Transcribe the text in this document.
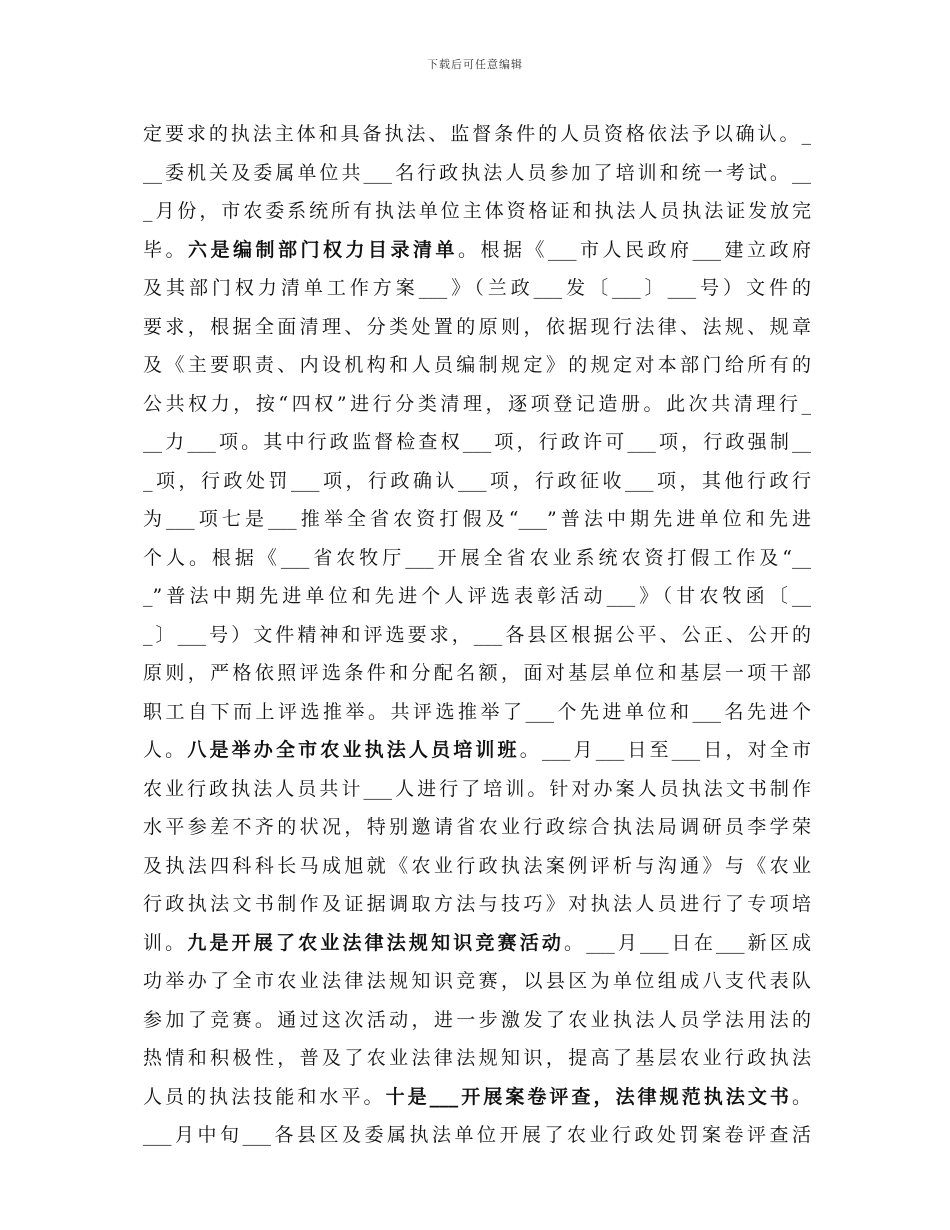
下载后可任意编辑
定要求的执法主体和具备执法、监督条件的人员资格依法予以确认。_
__委机关及委属单位共___名行政执法人员参加了培训和统一考试。__
_月份，市农委系统所有执法单位主体资格证和执法人员执法证发放完
毕。六是编制部门权力目录清单。根据《___市人民政府___建立政府
及其部门权力清单工作方案___》（兰政___发〔___〕___号）文件的
要求，根据全面清理、分类处置的原则，依据现行法律、法规、规章
及《主要职责、内设机构和人员编制规定》的规定对本部门给所有的
公共权力，按“四权”进行分类清理，逐项登记造册。此次共清理行_
__力___项。其中行政监督检查权___项，行政许可___项，行政强制__
_项，行政处罚___项，行政确认___项，行政征收___项，其他行政行
为___项七是___推举全省农资打假及“___”普法中期先进单位和先进
个人。根据《___省农牧厅___开展全省农业系统农资打假工作及“__
_”普法中期先进单位和先进个人评选表彰活动___》（甘农牧函〔__
_〕___号）文件精神和评选要求，___各县区根据公平、公正、公开的
原则，严格依照评选条件和分配名额，面对基层单位和基层一项干部
职工自下而上评选推举。共评选推举了___个先进单位和___名先进个
人。八是举办全市农业执法人员培训班。___月___日至___日，对全市
农业行政执法人员共计___人进行了培训。针对办案人员执法文书制作
水平参差不齐的状况，特别邀请省农业行政综合执法局调研员李学荣
及执法四科科长马成旭就《农业行政执法案例评析与沟通》与《农业
行政执法文书制作及证据调取方法与技巧》对执法人员进行了专项培
训。九是开展了农业法律法规知识竞赛活动。___月___日在___新区成
功举办了全市农业法律法规知识竞赛，以县区为单位组成八支代表队
参加了竞赛。通过这次活动，进一步激发了农业执法人员学法用法的
热情和积极性，普及了农业法律法规知识，提高了基层农业行政执法
人员的执法技能和水平。十是___开展案卷评查，法律规范执法文书。
___月中旬___各县区及委属执法单位开展了农业行政处罚案卷评查活
